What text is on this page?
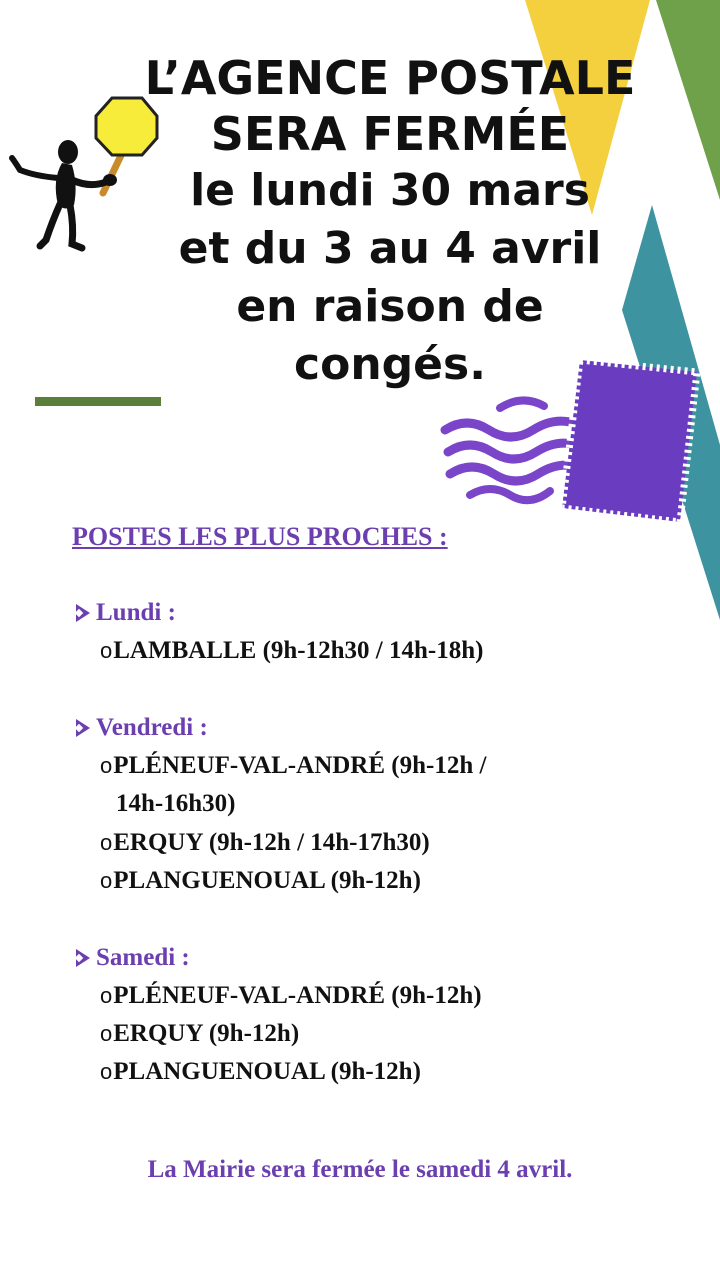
L’AGENCE POSTALE
SERA FERMÉE
le lundi 30 mars
et du 3 au 4 avril
en raison de
congés.
POSTES LES PLUS PROCHES :
Lundi :
oLAMBALLE (9h-12h30 / 14h-18h)
Vendredi :
oPLÉNEUF-VAL-ANDRÉ (9h-12h /
14h-16h30)
oERQUY (9h-12h / 14h-17h30)
oPLANGUENOUAL (9h-12h)
Samedi :
oPLÉNEUF-VAL-ANDRÉ (9h-12h)
oERQUY (9h-12h)
oPLANGUENOUAL (9h-12h)
La Mairie sera fermée le samedi 4 avril.
